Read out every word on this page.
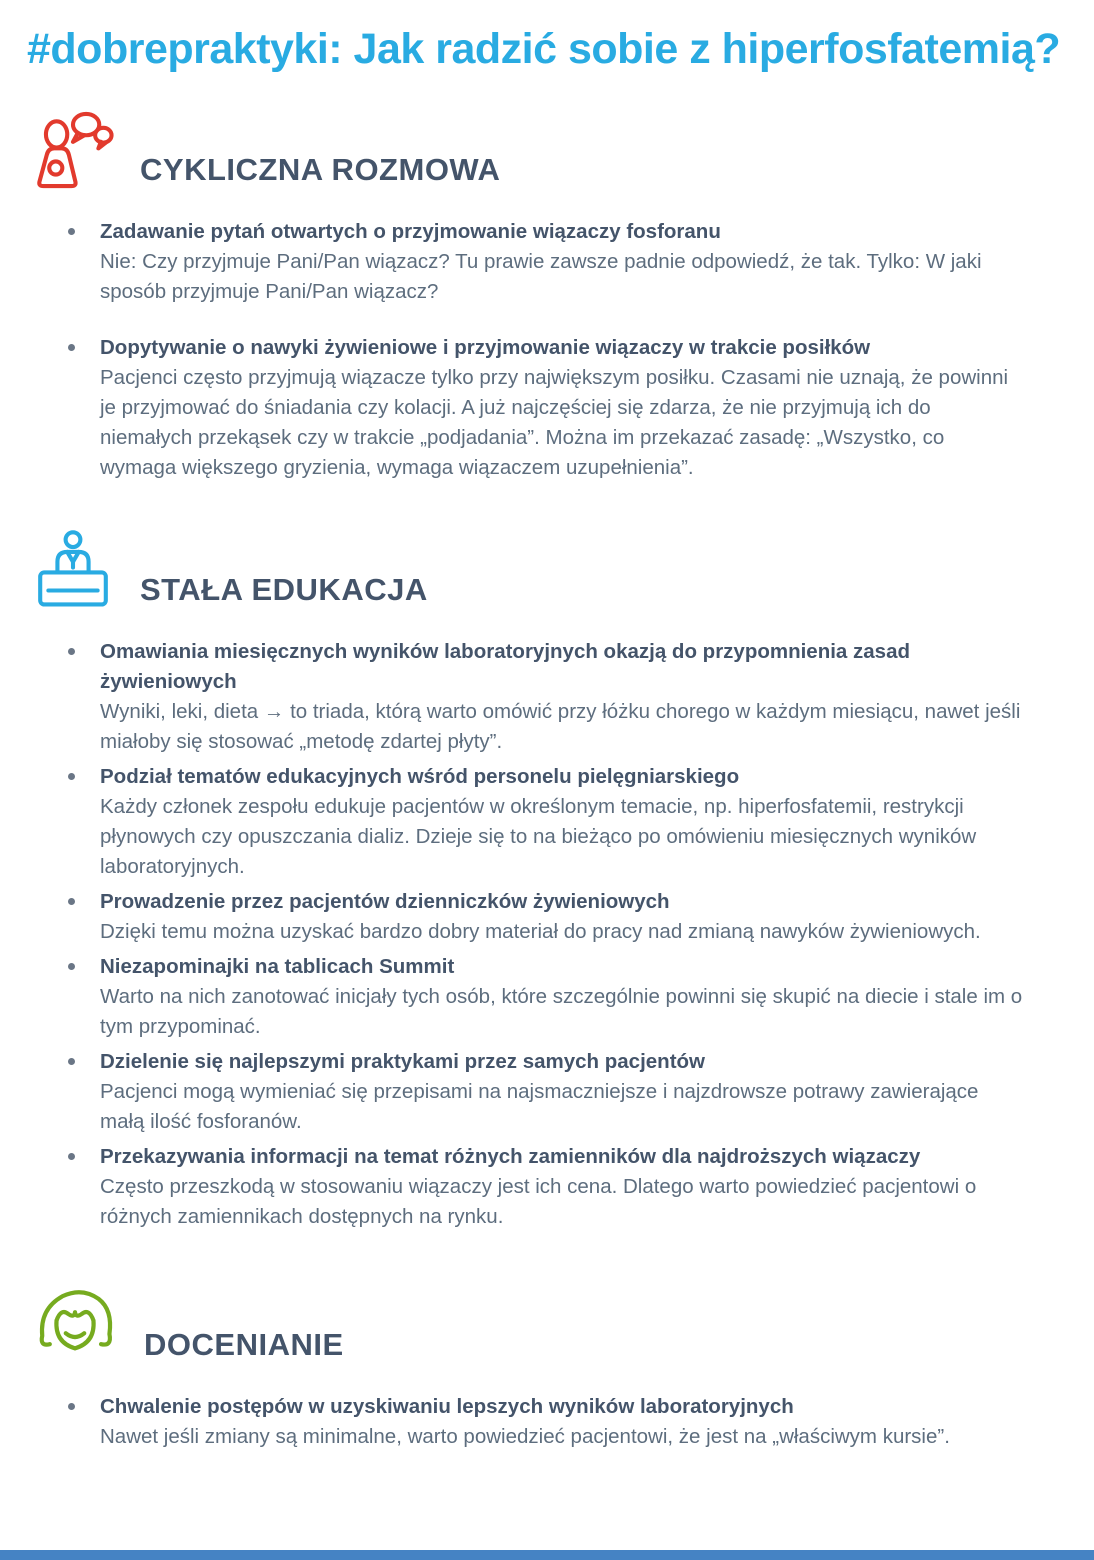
#dobrepraktyki: Jak radzić sobie z hiperfosfatemią?
CYKLICZNA ROZMOWA
Zadawanie pytań otwartych o przyjmowanie wiązaczy fosforanu
Nie: Czy przyjmuje Pani/Pan wiązacz? Tu prawie zawsze padnie odpowiedź, że tak. Tylko: W jaki sposób przyjmuje Pani/Pan wiązacz?
Dopytywanie o nawyki żywieniowe i przyjmowanie wiązaczy w trakcie posiłków
Pacjenci często przyjmują wiązacze tylko przy największym posiłku. Czasami nie uznają, że powinni je przyjmować do śniadania czy kolacji. A już najczęściej się zdarza, że nie przyjmują ich do niemałych przekąsek czy w trakcie „podjadania”. Można im przekazać zasadę: „Wszystko, co wymaga większego gryzienia, wymaga wiązaczem uzupełnienia”.
STAŁA EDUKACJA
Omawiania miesięcznych wyników laboratoryjnych okazją do przypomnienia zasad żywieniowych
Wyniki, leki, dieta → to triada, którą warto omówić przy łóżku chorego w każdym miesiącu, nawet jeśli miałoby się stosować „metodę zdartej płyty”.
Podział tematów edukacyjnych wśród personelu pielęgniarskiego
Każdy członek zespołu edukuje pacjentów w określonym temacie, np. hiperfosfatemii, restrykcji płynowych czy opuszczania dializ. Dzieje się to na bieżąco po omówieniu miesięcznych wyników laboratoryjnych.
Prowadzenie przez pacjentów dzienniczków żywieniowych
Dzięki temu można uzyskać bardzo dobry materiał do pracy nad zmianą nawyków żywieniowych.
Niezapominajki na tablicach Summit
Warto na nich zanotować inicjały tych osób, które szczególnie powinni się skupić na diecie i stale im o tym przypominać.
Dzielenie się najlepszymi praktykami przez samych pacjentów
Pacjenci mogą wymieniać się przepisami na najsmaczniejsze i najzdrowsze potrawy zawierające małą ilość fosforanów.
Przekazywania informacji na temat różnych zamienników dla najdroższych wiązaczy
Często przeszkodą w stosowaniu wiązaczy jest ich cena. Dlatego warto powiedzieć pacjentowi o różnych zamiennikach dostępnych na rynku.
DOCENIANIE
Chwalenie postępów w uzyskiwaniu lepszych wyników laboratoryjnych
Nawet jeśli zmiany są minimalne, warto powiedzieć pacjentowi, że jest na „właściwym kursie”.
